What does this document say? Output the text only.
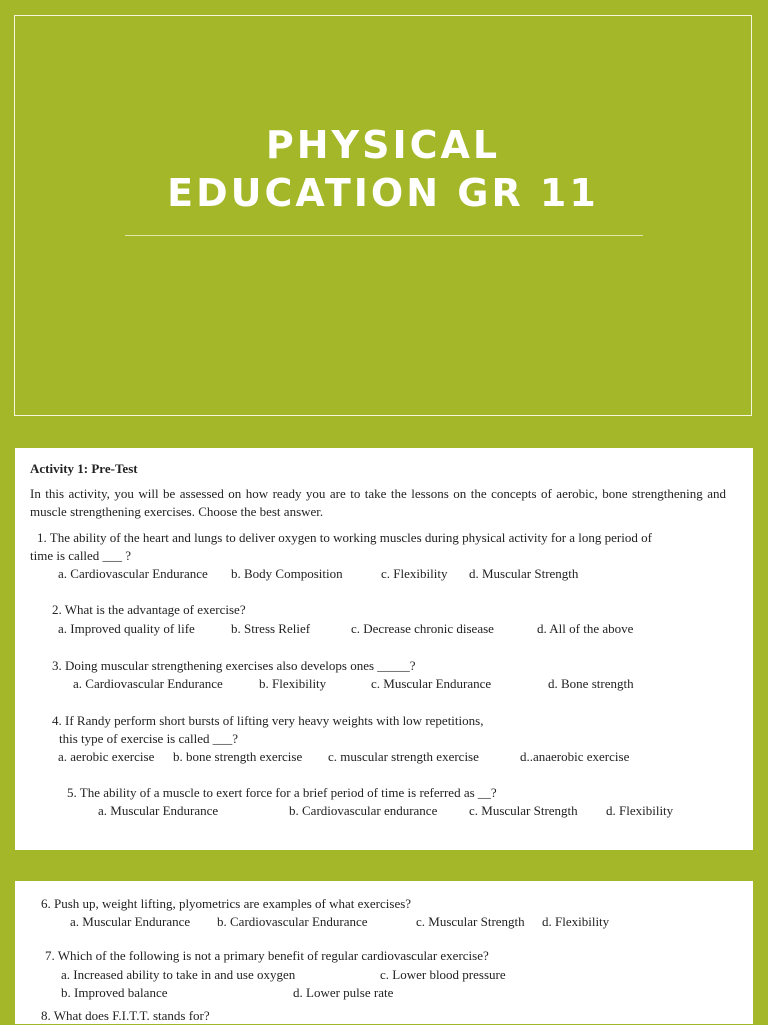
PHYSICAL
EDUCATION GR 11
Activity 1: Pre-Test
In this activity, you will be assessed on how ready you are to take the lessons on the concepts of aerobic, bone strengthening and muscle strengthening exercises. Choose the best answer.
1. The ability of the heart and lungs to deliver oxygen to working muscles during physical activity for a long period of
time is called ___ ?
a. Cardiovascular Endurance b. Body Composition	c. Flexibility d. Muscular Strength
2. What is the advantage of exercise?
a. Improved quality of life	b. Stress Relief	c. Decrease chronic disease	d. All of the above
3. Doing muscular strengthening exercises also develops ones _____?
a. Cardiovascular Endurance	b. Flexibility	c. Muscular Endurance	d. Bone strength
4. If Randy perform short bursts of lifting very heavy weights with low repetitions,
this type of exercise is called ___?
a. aerobic exercise b. bone strength exercise c. muscular strength exercise	d..anaerobic exercise
5. The ability of a muscle to exert force for a brief period of time is referred as __?
a. Muscular Endurance	b. Cardiovascular endurance c. Muscular Strength d. Flexibility
6. Push up, weight lifting, plyometrics are examples of what exercises?
a. Muscular Endurance b. Cardiovascular Endurance	c. Muscular Strength d. Flexibility
7. Which of the following is not a primary benefit of regular cardiovascular exercise?
a. Increased ability to take in and use oxygen	c. Lower blood pressure
b. Improved balance	d. Lower pulse rate
8. What does F.I.T.T. stands for?
